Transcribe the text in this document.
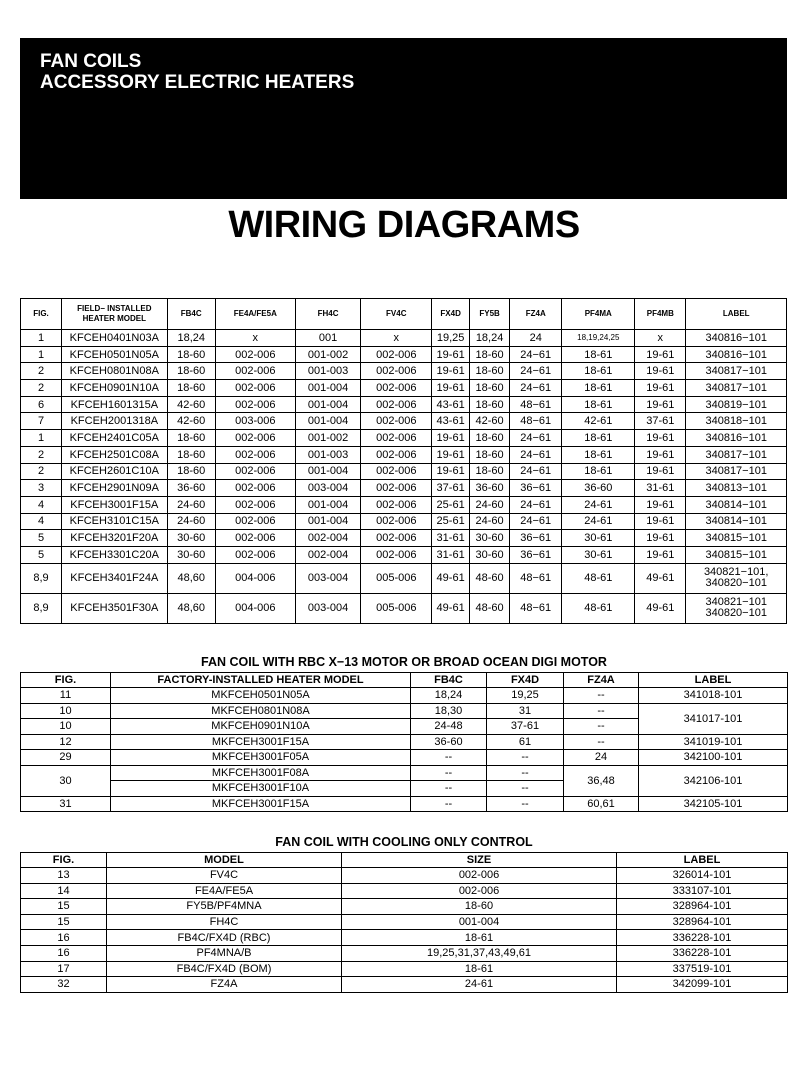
FAN COILS
ACCESSORY ELECTRIC HEATERS
WIRING DIAGRAMS
FIG.	FIELD− INSTALLED HEATER MODEL	FB4C	FE4A/FE5A	FH4C	FV4C	FX4D	FY5B	FZ4A	PF4MA	PF4MB	LABEL
1	KFCEH0401N03A	18,24	x	001	x	19,25	18,24	24	18,19,24,25	x	340816−101
1	KFCEH0501N05A	18-60	002-006	001-002	002-006	19-61	18-60	24−61	18-61	19-61	340816−101
2	KFCEH0801N08A	18-60	002-006	001-003	002-006	19-61	18-60	24−61	18-61	19-61	340817−101
2	KFCEH0901N10A	18-60	002-006	001-004	002-006	19-61	18-60	24−61	18-61	19-61	340817−101
6	KFCEH1601315A	42-60	002-006	001-004	002-006	43-61	18-60	48−61	18-61	19-61	340819−101
7	KFCEH2001318A	42-60	003-006	001-004	002-006	43-61	42-60	48−61	42-61	37-61	340818−101
1	KFCEH2401C05A	18-60	002-006	001-002	002-006	19-61	18-60	24−61	18-61	19-61	340816−101
2	KFCEH2501C08A	18-60	002-006	001-003	002-006	19-61	18-60	24−61	18-61	19-61	340817−101
2	KFCEH2601C10A	18-60	002-006	001-004	002-006	19-61	18-60	24−61	18-61	19-61	340817−101
3	KFCEH2901N09A	36-60	002-006	003-004	002-006	37-61	36-60	36−61	36-60	31-61	340813−101
4	KFCEH3001F15A	24-60	002-006	001-004	002-006	25-61	24-60	24−61	24-61	19-61	340814−101
4	KFCEH3101C15A	24-60	002-006	001-004	002-006	25-61	24-60	24−61	24-61	19-61	340814−101
5	KFCEH3201F20A	30-60	002-006	002-004	002-006	31-61	30-60	36−61	30-61	19-61	340815−101
5	KFCEH3301C20A	30-60	002-006	002-004	002-006	31-61	30-60	36−61	30-61	19-61	340815−101
8,9	KFCEH3401F24A	48,60	004-006	003-004	005-006	49-61	48-60	48−61	48-61	49-61	340821−101, 340820−101
8,9	KFCEH3501F30A	48,60	004-006	003-004	005-006	49-61	48-60	48−61	48-61	49-61	340821−101 340820−101
FAN COIL WITH RBC X−13 MOTOR OR BROAD OCEAN DIGI MOTOR
FIG.	FACTORY-INSTALLED HEATER MODEL	FB4C	FX4D	FZ4A	LABEL
11	MKFCEH0501N05A	18,24	19,25	--	341018-101
10	MKFCEH0801N08A	18,30	31	--	341017-101
10	MKFCEH0901N10A	24-48	37-61	--	
12	MKFCEH3001F15A	36-60	61	--	341019-101
29	MKFCEH3001F05A	--	--	24	342100-101
30	MKFCEH3001F08A	--	--	36,48	342106-101
	MKFCEH3001F10A	--	--		
31	MKFCEH3001F15A	--	--	60,61	342105-101
FAN COIL WITH COOLING ONLY CONTROL
FIG.	MODEL	SIZE	LABEL
13	FV4C	002-006	326014-101
14	FE4A/FE5A	002-006	333107-101
15	FY5B/PF4MNA	18-60	328964-101
15	FH4C	001-004	328964-101
16	FB4C/FX4D (RBC)	18-61	336228-101
16	PF4MNA/B	19,25,31,37,43,49,61	336228-101
17	FB4C/FX4D (BOM)	18-61	337519-101
32	FZ4A	24-61	342099-101
